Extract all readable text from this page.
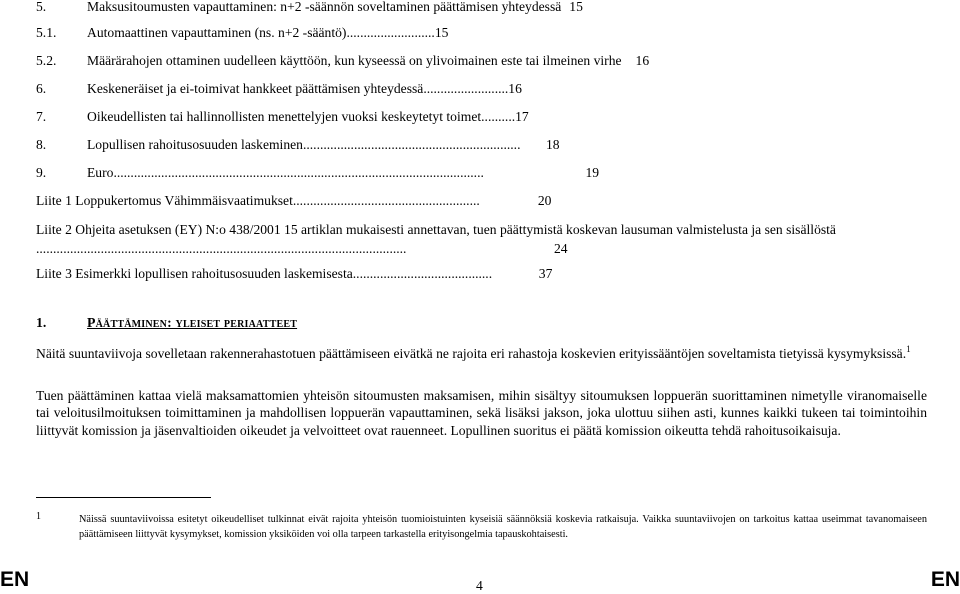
5.	Maksusitoumusten vapauttaminen: n+2 -säännön soveltaminen päättämisen yhteydessä 15
5.1. Automaattinen vapauttaminen (ns. n+2 -sääntö)..........................15
5.2. Määrärahojen ottaminen uudelleen käyttöön, kun kyseessä on ylivoimainen este tai ilmeinen virhe 16
6.	Keskeneräiset ja ei-toimivat hankkeet päättämisen yhteydessä.........................16
7.	Oikeudellisten tai hallinnollisten menettelyjen vuoksi keskeytetyt toimet..........17
8.	Lopullisen rahoitusosuuden laskeminen................................................................ 18
9.	Euro.............................................................................................................	19
Liite 1 Loppukertomus Vähimmäisvaatimukset.......................................................	20
Liite 2 Ohjeita asetuksen (EY) N:o 438/2001 15 artiklan mukaisesti annettavan, tuen päättymistä koskevan lausuman valmistelusta ja sen sisällöstä
.............................................................................................................	24
Liite 3 Esimerkki lopullisen rahoitusosuuden laskemisesta.........................................	37
1.	Päättäminen: yleiset periaatteet
Näitä suuntaviivoja sovelletaan rakennerahastotuen päättämiseen eivätkä ne rajoita eri rahastoja koskevien erityissääntöjen soveltamista tietyissä kysymyksissä.$^1$
Tuen päättäminen kattaa vielä maksamattomien yhteisön sitoumusten maksamisen, mihin sisältyy sitoumuksen loppuerän suorittaminen nimetylle viranomaiselle tai veloitusilmoituksen toimittaminen ja mahdollisen loppuerän vapauttaminen, sekä lisäksi jakson, joka ulottuu siihen asti, kunnes kaikki tukeen tai toimintoihin liittyvät komission ja jäsenvaltioiden oikeudet ja velvoitteet ovat rauenneet. Lopullinen suoritus ei päätä komission oikeutta tehdä rahoitusoikaisuja.
1	Näissä suuntaviivoissa esitetyt oikeudelliset tulkinnat eivät rajoita yhteisön tuomioistuinten kyseisiä säännöksiä koskevia ratkaisuja. Vaikka suuntaviivojen on tarkoitus kattaa useimmat tavanomaiseen päättämiseen liittyvät kysymykset, komission yksiköiden voi olla tarpeen tarkastella erityisongelmia tapauskohtaisesti.
EN	4	EN
